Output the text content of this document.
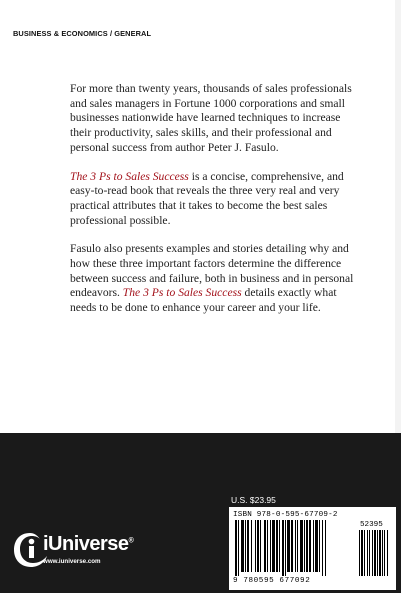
BUSINESS & ECONOMICS / GENERAL

For more than twenty years, thousands of sales professionals and sales managers in Fortune 1000 corporations and small businesses nationwide have learned techniques to increase their productivity, sales skills, and their professional and personal success from author Peter J. Fasulo.

The 3 Ps to Sales Success is a concise, comprehensive, and easy-to-read book that reveals the three very real and very practical attributes that it takes to become the best sales professional possible.

Fasulo also presents examples and stories detailing why and how these three important factors determine the difference between success and failure, both in business and in personal endeavors. The 3 Ps to Sales Success details exactly what needs to be done to enhance your career and your life.

iUniverse®
www.iuniverse.com
U.S. $23.95
ISBN 978-0-595-67709-2
52395
9 780595 677092
